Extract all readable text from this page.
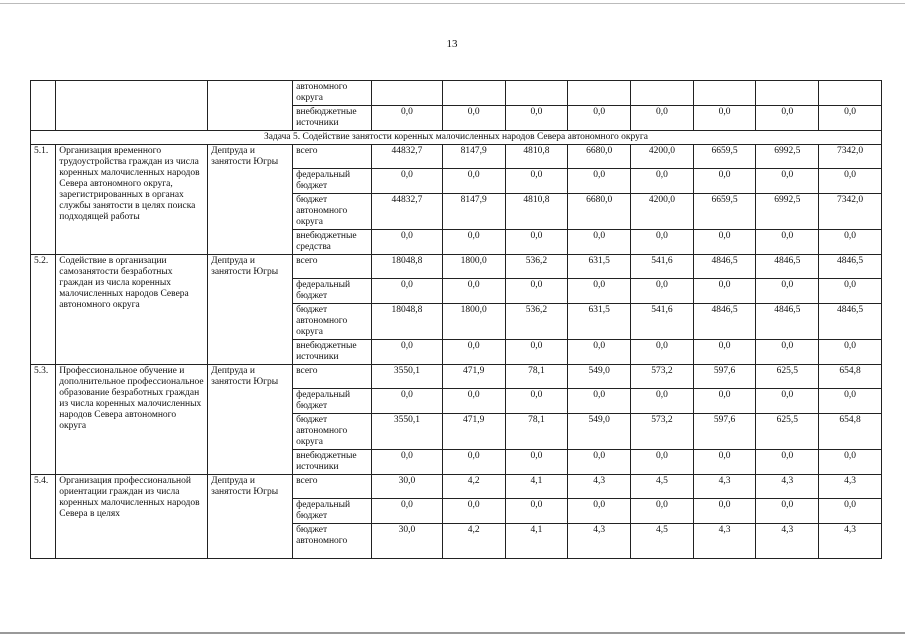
13
			автономного округа								
			внебюджетные источники	0,0	0,0	0,0	0,0	0,0	0,0	0,0	0,0
Задача 5. Содействие занятости коренных малочисленных народов Севера автономного округа											
5.1.	Организация временного трудоустройства граждан из числа коренных малочисленных народов Севера автономного округа, зарегистрированных в органах службы занятости в целях поиска подходящей работы	Депtруда и занятости Югры	всего	44832,7	8147,9	4810,8	6680,0	4200,0	6659,5	6992,5	7342,0
			федеральный бюджет	0,0	0,0	0,0	0,0	0,0	0,0	0,0	0,0
			бюджет автономного округа	44832,7	8147,9	4810,8	6680,0	4200,0	6659,5	6992,5	7342,0
			внебюджетные средства	0,0	0,0	0,0	0,0	0,0	0,0	0,0	0,0
5.2.	Содействие в организации самозанятости безработных граждан из числа коренных малочисленных народов Севера автономного округа	Депtруда и занятости Югры	всего	18048,8	1800,0	536,2	631,5	541,6	4846,5	4846,5	4846,5
			федеральный бюджет	0,0	0,0	0,0	0,0	0,0	0,0	0,0	0,0
			бюджет автономного округа	18048,8	1800,0	536,2	631,5	541,6	4846,5	4846,5	4846,5
			внебюджетные источники	0,0	0,0	0,0	0,0	0,0	0,0	0,0	0,0
5.3.	Профессиональное обучение и дополнительное профессиональное образование безработных граждан из числа коренных малочисленных народов Севера автономного округа	Депtруда и занятости Югры	всего	3550,1	471,9	78,1	549,0	573,2	597,6	625,5	654,8
			федеральный бюджет	0,0	0,0	0,0	0,0	0,0	0,0	0,0	0,0
			бюджет автономного округа	3550,1	471,9	78,1	549,0	573,2	597,6	625,5	654,8
			внебюджетные источники	0,0	0,0	0,0	0,0	0,0	0,0	0,0	0,0
5.4.	Организация профессиональной ориентации граждан из числа коренных малочисленных народов Севера в целях	Депtруда и занятости Югры	всего	30,0	4,2	4,1	4,3	4,5	4,3	4,3	4,3
			федеральный бюджет	0,0	0,0	0,0	0,0	0,0	0,0	0,0	0,0
			бюджет автономного	30,0	4,2	4,1	4,3	4,5	4,3	4,3	4,3
